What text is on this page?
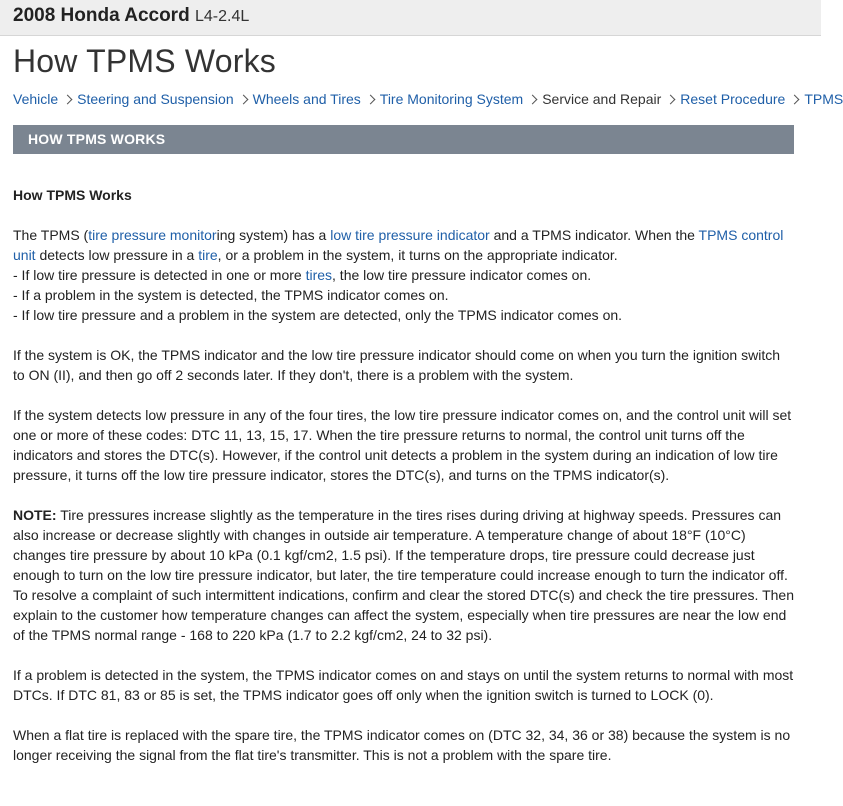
2008 Honda Accord L4-2.4L
How TPMS Works
Vehicle Steering and Suspension Wheels and Tires Tire Monitoring System Service and Repair Reset Procedure TPMS
HOW TPMS WORKS
How TPMS Works

The TPMS (tire pressure monitoring system) has a low tire pressure indicator and a TPMS indicator. When the TPMS control unit detects low pressure in a tire, or a problem in the system, it turns on the appropriate indicator.

- If low tire pressure is detected in one or more tires, the low tire pressure indicator comes on.
- If a problem in the system is detected, the TPMS indicator comes on.
- If low tire pressure and a problem in the system are detected, only the TPMS indicator comes on.

If the system is OK, the TPMS indicator and the low tire pressure indicator should come on when you turn the ignition switch to ON (II), and then go off 2 seconds later. If they don't, there is a problem with the system.

If the system detects low pressure in any of the four tires, the low tire pressure indicator comes on, and the control unit will set one or more of these codes: DTC 11, 13, 15, 17. When the tire pressure returns to normal, the control unit turns off the indicators and stores the DTC(s). However, if the control unit detects a problem in the system during an indication of low tire pressure, it turns off the low tire pressure indicator, stores the DTC(s), and turns on the TPMS indicator(s).

NOTE: Tire pressures increase slightly as the temperature in the tires rises during driving at highway speeds. Pressures can also increase or decrease slightly with changes in outside air temperature. A temperature change of about 18°F (10°C) changes tire pressure by about 10 kPa (0.1 kgf/cm2, 1.5 psi). If the temperature drops, tire pressure could decrease just enough to turn on the low tire pressure indicator, but later, the tire temperature could increase enough to turn the indicator off. To resolve a complaint of such intermittent indications, confirm and clear the stored DTC(s) and check the tire pressures. Then explain to the customer how temperature changes can affect the system, especially when tire pressures are near the low end of the TPMS normal range - 168 to 220 kPa (1.7 to 2.2 kgf/cm2, 24 to 32 psi).

If a problem is detected in the system, the TPMS indicator comes on and stays on until the system returns to normal with most DTCs. If DTC 81, 83 or 85 is set, the TPMS indicator goes off only when the ignition switch is turned to LOCK (0).

When a flat tire is replaced with the spare tire, the TPMS indicator comes on (DTC 32, 34, 36 or 38) because the system is no longer receiving the signal from the flat tire's transmitter. This is not a problem with the spare tire.
